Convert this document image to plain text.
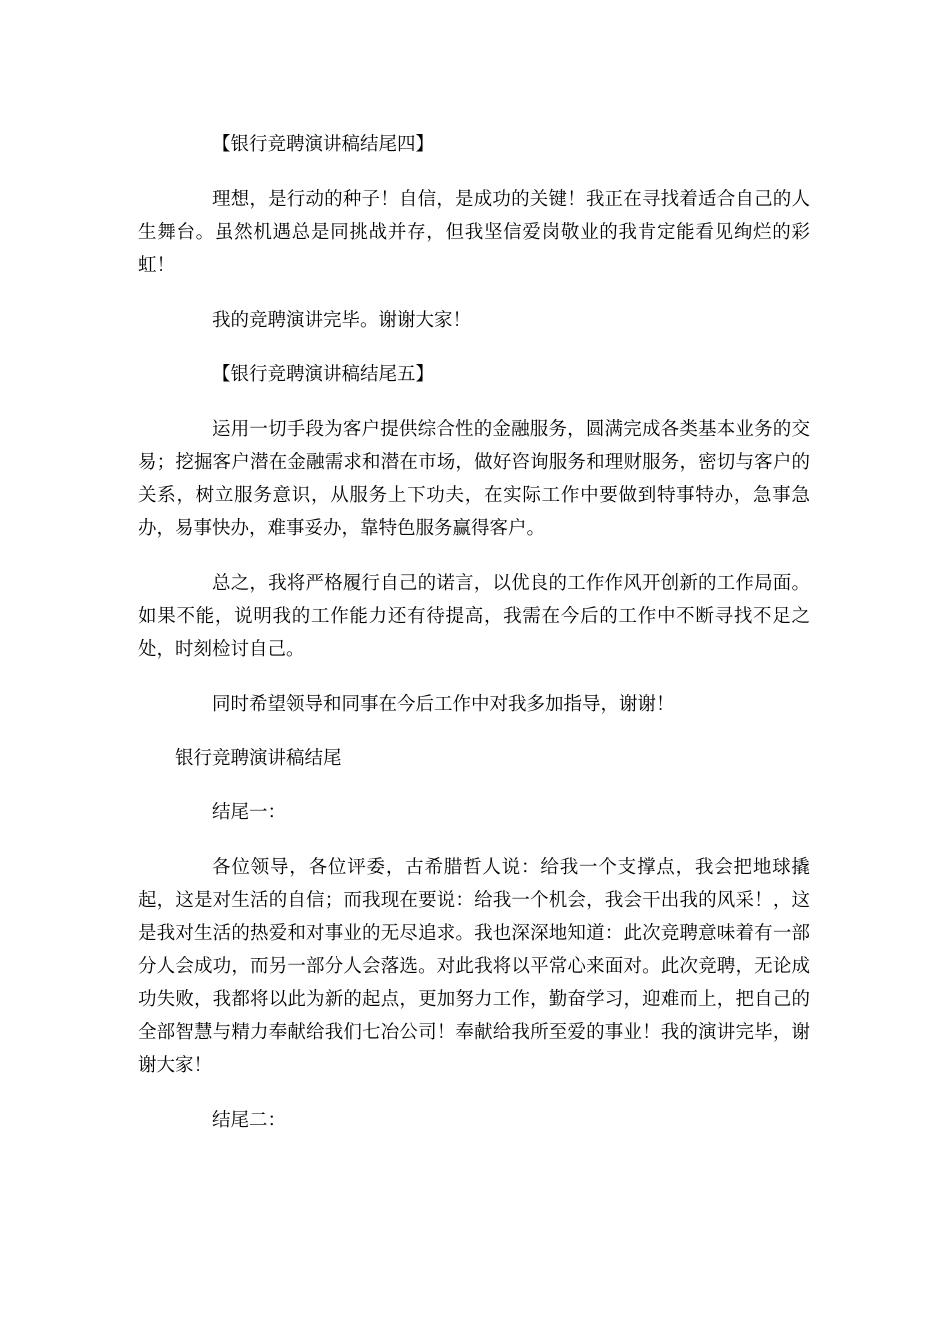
【银行竞聘演讲稿结尾四】

理想，是行动的种子！自信，是成功的关键！我正在寻找着适合自己的人生舞台。虽然机遇总是同挑战并存，但我坚信爱岗敬业的我肯定能看见绚烂的彩虹！

我的竞聘演讲完毕。谢谢大家！

【银行竞聘演讲稿结尾五】

运用一切手段为客户提供综合性的金融服务，圆满完成各类基本业务的交易；挖掘客户潜在金融需求和潜在市场，做好咨询服务和理财服务，密切与客户的关系，树立服务意识，从服务上下功夫，在实际工作中要做到特事特办，急事急办，易事快办，难事妥办，靠特色服务赢得客户。

总之，我将严格履行自己的诺言，以优良的工作作风开创新的工作局面。如果不能，说明我的工作能力还有待提高，我需在今后的工作中不断寻找不足之处，时刻检讨自己。

同时希望领导和同事在今后工作中对我多加指导，谢谢！

银行竞聘演讲稿结尾

结尾一：

各位领导，各位评委，古希腊哲人说：给我一个支撑点，我会把地球撬起，这是对生活的自信；而我现在要说：给我一个机会，我会干出我的风采！，这是我对生活的热爱和对事业的无尽追求。我也深深地知道：此次竞聘意味着有一部分人会成功，而另一部分人会落选。对此我将以平常心来面对。此次竞聘，无论成功失败，我都将以此为新的起点，更加努力工作，勤奋学习，迎难而上，把自己的全部智慧与精力奉献给我们七冶公司！奉献给我所至爱的事业！我的演讲完毕，谢谢大家！

结尾二：
